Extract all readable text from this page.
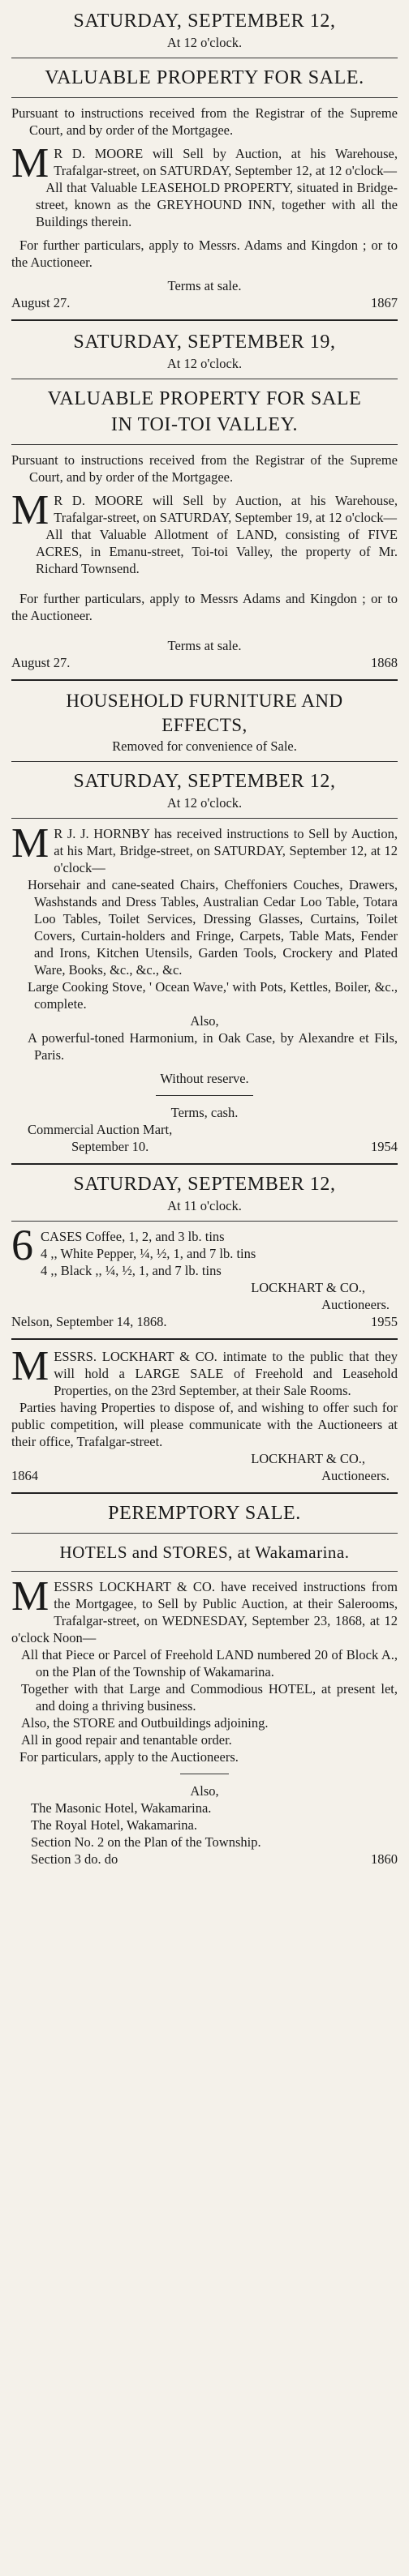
SATURDAY, SEPTEMBER 12,
At 12 o'clock.
VALUABLE PROPERTY FOR SALE.

Pursuant to instructions received from the Registrar of the Supreme Court, and by order of the Mortgagee.

M R D. MOORE will Sell by Auction, at his Warehouse, Trafalgar-street, on SATURDAY, September 12, at 12 o'clock—

All that Valuable LEASEHOLD PROPERTY, situated in Bridge-street, known as the GREYHOUND INN, together with all the Buildings therein.

For further particulars, apply to Messrs. Adams and Kingdon ; or to the Auctioneer.

Terms at sale.
August 27.	1867
SATURDAY, SEPTEMBER 19,
At 12 o'clock.
VALUABLE PROPERTY FOR SALE
IN TOI-TOI VALLEY.

Pursuant to instructions received from the Registrar of the Supreme Court, and by order of the Mortgagee.

M R D. MOORE will Sell by Auction, at his Warehouse, Trafalgar-street, on SATURDAY, September 19, at 12 o'clock—

All that Valuable Allotment of LAND, consisting of FIVE ACRES, in Emanu-street, Toi-toi Valley, the property of Mr. Richard Townsend.

For further particulars, apply to Messrs Adams and Kingdon ; or to the Auctioneer.

Terms at sale.
August 27.	1868
HOUSEHOLD FURNITURE AND
EFFECTS,
Removed for convenience of Sale.
SATURDAY, SEPTEMBER 12,
At 12 o'clock.

M R J. J. HORNBY has received instructions to Sell by Auction, at his Mart, Bridge-street, on SATURDAY, September 12, at 12 o'clock—

Horsehair and cane-seated Chairs, Cheffoniers Couches, Drawers, Washstands and Dress Tables, Australian Cedar Loo Table, Totara Loo Tables, Toilet Services, Dressing Glasses, Curtains, Toilet Covers, Curtain-holders and Fringe, Carpets, Table Mats, Fender and Irons, Kitchen Utensils, Garden Tools, Crockery and Plated Ware, Books, &c., &c., &c.

Large Cooking Stove, ' Ocean Wave,' with Pots, Kettles, Boiler, &c., complete.

Also,

A powerful-toned Harmonium, in Oak Case, by Alexandre et Fils, Paris.

Without reserve.
Terms, cash.
Commercial Auction Mart,
September 10.	1954
SATURDAY, SEPTEMBER 12,
At 11 o'clock.
6 CASES Coffee, 1, 2, and 3 lb. tins
4 ,, White Pepper, ¼, ½, 1, and 7 lb. tins
4 ,, Black ,, ¼, ½, 1, and 7 lb. tins
LOCKHART & CO.,
Auctioneers.
Nelson, September 14, 1868.	1955

MESSRS. LOCKHART & CO. intimate to the public that they will hold a LARGE SALE of Freehold and Leasehold Properties, on the 23rd September, at their Sale Rooms.

Parties having Properties to dispose of, and wishing to offer such for public competition, will please communicate with the Auctioneers at their office, Trafalgar-street.

LOCKHART & CO.,
1864	Auctioneers.
PEREMPTORY SALE.
HOTELS and STORES, at Wakamarina.

MESSRS LOCKHART & CO. have received instructions from the Mortgagee, to Sell by Public Auction, at their Salerooms, Trafalgar-street, on WEDNESDAY, September 23, 1868, at 12 o'clock Noon—

All that Piece or Parcel of Freehold LAND numbered 20 of Block A., on the Plan of the Township of Wakamarina.

Together with that Large and Commodious HOTEL, at present let, and doing a thriving business.

Also, the STORE and Outbuildings adjoining.

All in good repair and tenantable order.

For particulars, apply to the Auctioneers.

Also,
The Masonic Hotel, Wakamarina.
The Royal Hotel, Wakamarina.
Section No. 2 on the Plan of the Township.
Section 3 do. do	1860
